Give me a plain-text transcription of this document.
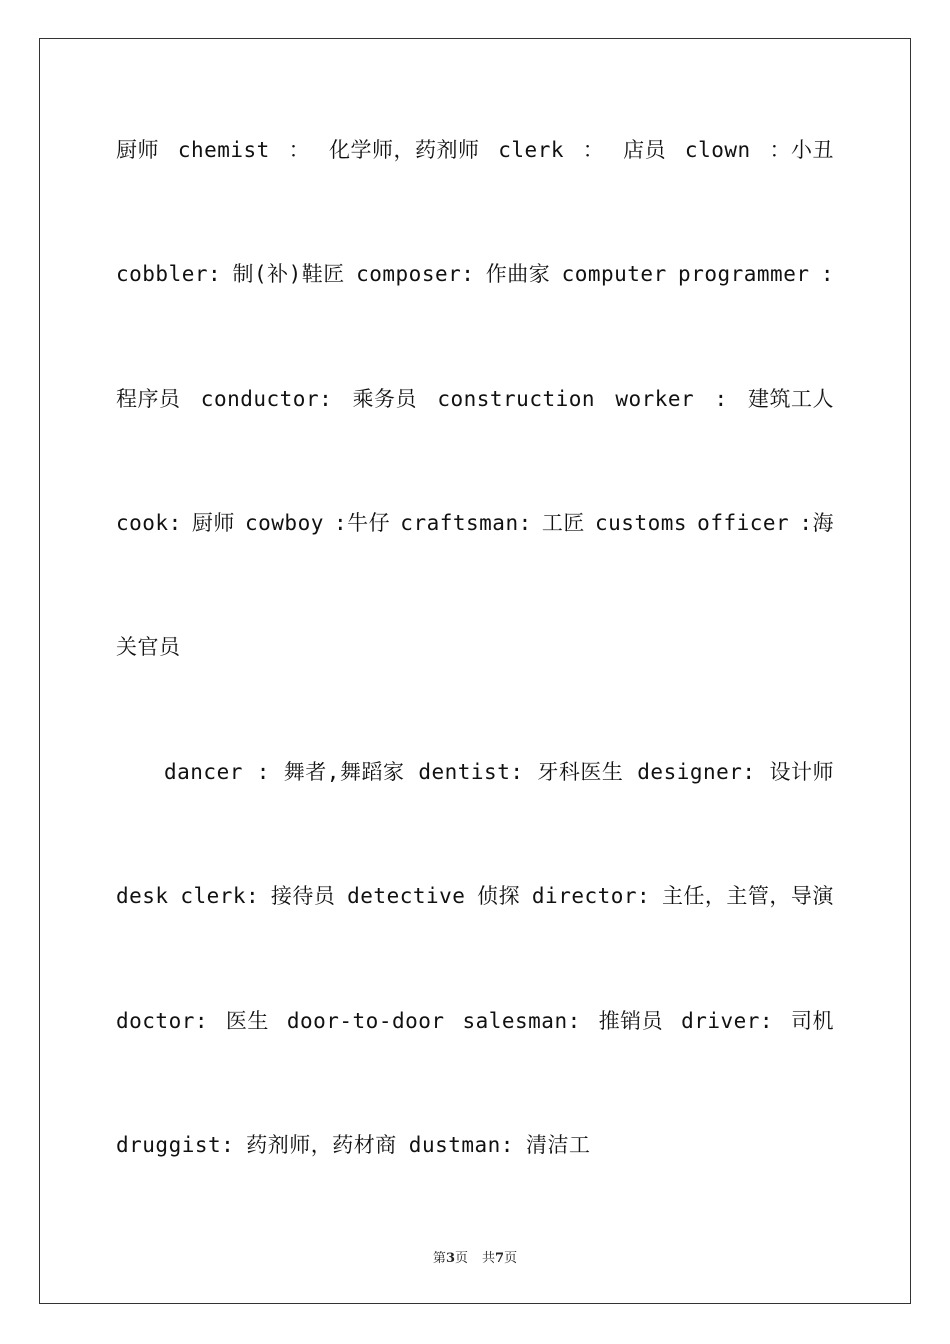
厨师 chemist ： 化学师，药剂师 clerk ： 店员 clown ：小丑
cobbler: 制(补)鞋匠 composer: 作曲家 computer programmer :
程序员 conductor: 乘务员 construction worker : 建筑工人
cook: 厨师 cowboy :牛仔 craftsman: 工匠 customs officer :海
关官员
dancer : 舞者,舞蹈家 dentist: 牙科医生 designer: 设计师
desk clerk: 接待员 detective 侦探 director: 主任，主管，导演
doctor: 医生 door-to-door salesman: 推销员 driver: 司机
druggist: 药剂师，药材商 dustman: 清洁工
第3页 共7页
